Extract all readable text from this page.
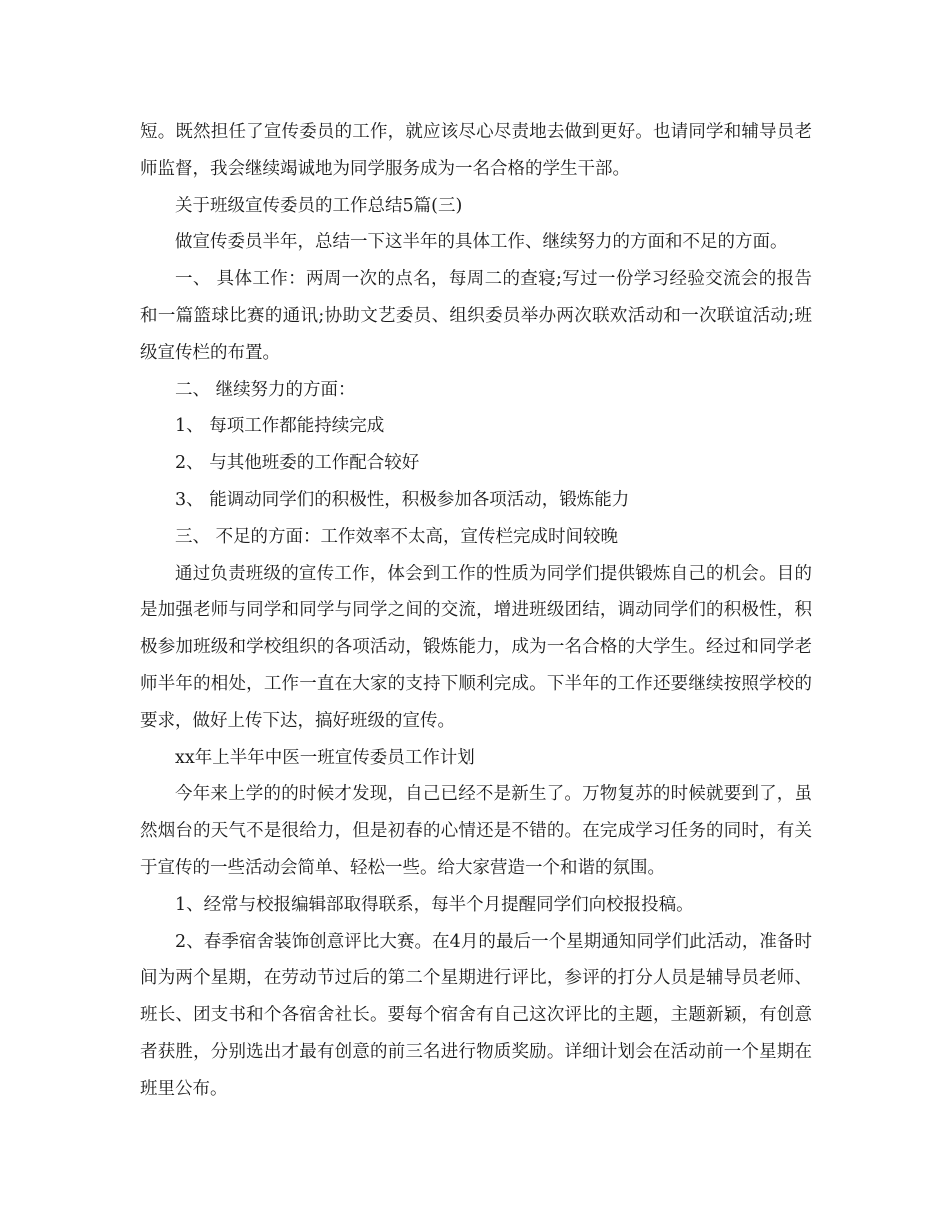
短。既然担任了宣传委员的工作，就应该尽心尽责地去做到更好。也请同学和辅导员老师监督，我会继续竭诚地为同学服务成为一名合格的学生干部。

关于班级宣传委员的工作总结5篇(三)

做宣传委员半年，总结一下这半年的具体工作、继续努力的方面和不足的方面。

一、 具体工作：两周一次的点名，每周二的查寝;写过一份学习经验交流会的报告和一篇篮球比赛的通讯;协助文艺委员、组织委员举办两次联欢活动和一次联谊活动;班级宣传栏的布置。

二、 继续努力的方面：

1、 每项工作都能持续完成

2、 与其他班委的工作配合较好

3、 能调动同学们的积极性，积极参加各项活动，锻炼能力

三、 不足的方面：工作效率不太高，宣传栏完成时间较晚

通过负责班级的宣传工作，体会到工作的性质为同学们提供锻炼自己的机会。目的是加强老师与同学和同学与同学之间的交流，增进班级团结，调动同学们的积极性，积极参加班级和学校组织的各项活动，锻炼能力，成为一名合格的大学生。经过和同学老师半年的相处，工作一直在大家的支持下顺利完成。下半年的工作还要继续按照学校的要求，做好上传下达，搞好班级的宣传。

xx年上半年中医一班宣传委员工作计划

今年来上学的的时候才发现，自己已经不是新生了。万物复苏的时候就要到了，虽然烟台的天气不是很给力，但是初春的心情还是不错的。在完成学习任务的同时，有关于宣传的一些活动会简单、轻松一些。给大家营造一个和谐的氛围。

1、经常与校报编辑部取得联系，每半个月提醒同学们向校报投稿。

2、春季宿舍装饰创意评比大赛。在4月的最后一个星期通知同学们此活动，准备时间为两个星期，在劳动节过后的第二个星期进行评比，参评的打分人员是辅导员老师、班长、团支书和个各宿舍社长。要每个宿舍有自己这次评比的主题，主题新颖，有创意者获胜，分别选出才最有创意的前三名进行物质奖励。详细计划会在活动前一个星期在班里公布。
